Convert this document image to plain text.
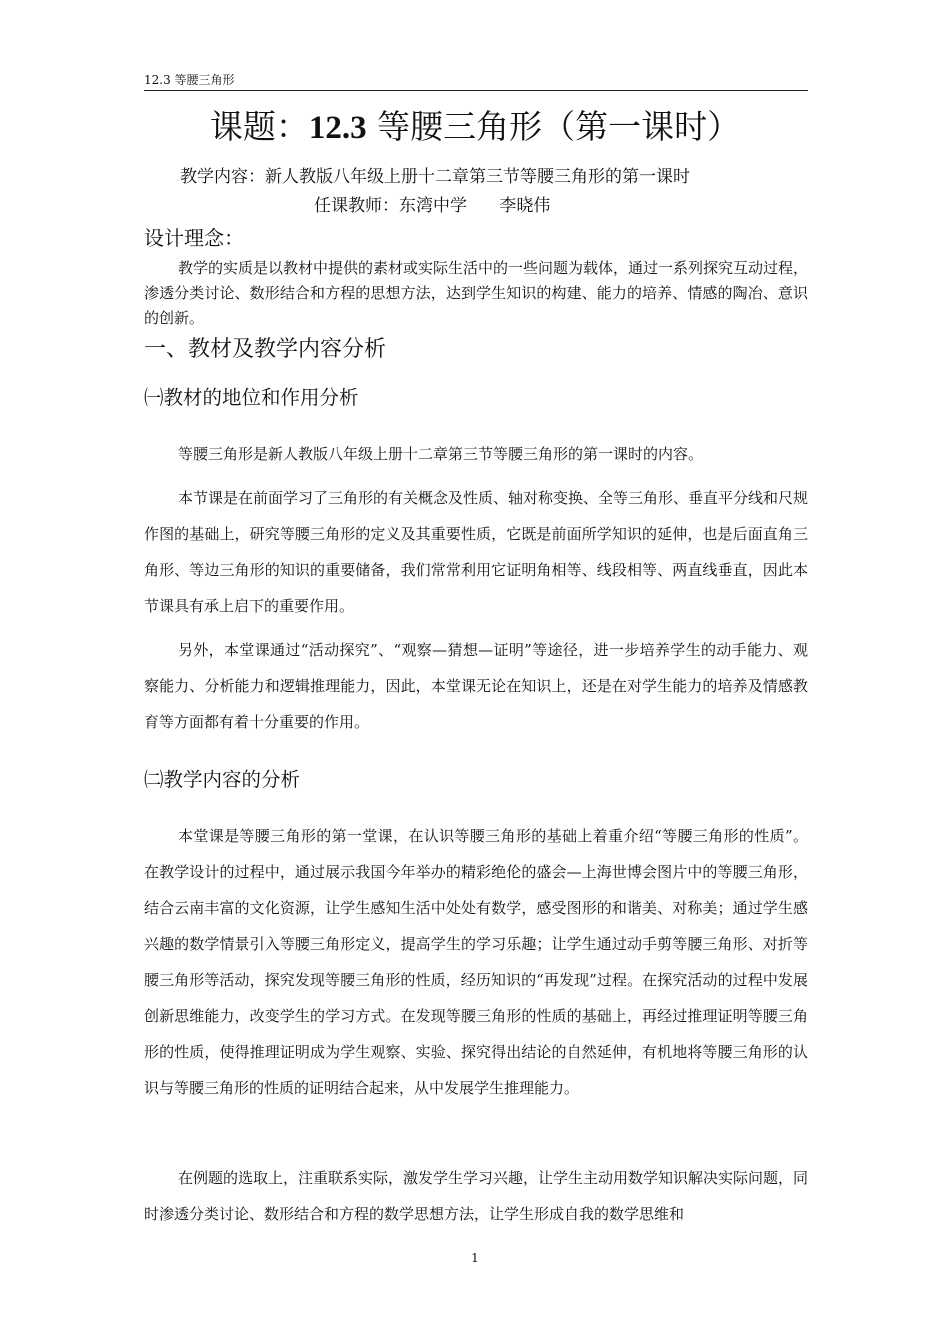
12.3 等腰三角形
课题：12.3 等腰三角形（第一课时）
教学内容：新人教版八年级上册十二章第三节等腰三角形的第一课时
任课教师：东湾中学      李晓伟
设计理念：
教学的实质是以教材中提供的素材或实际生活中的一些问题为载体，通过一系列探究互动过程，渗透分类讨论、数形结合和方程的思想方法，达到学生知识的构建、能力的培养、情感的陶冶、意识的创新。
一、教材及教学内容分析
㈠教材的地位和作用分析
等腰三角形是新人教版八年级上册十二章第三节等腰三角形的第一课时的内容。
本节课是在前面学习了三角形的有关概念及性质、轴对称变换、全等三角形、垂直平分线和尺规作图的基础上，研究等腰三角形的定义及其重要性质，它既是前面所学知识的延伸，也是后面直角三角形、等边三角形的知识的重要储备，我们常常利用它证明角相等、线段相等、两直线垂直，因此本节课具有承上启下的重要作用。
另外，本堂课通过“活动探究”、“观察—猜想—证明”等途径，进一步培养学生的动手能力、观察能力、分析能力和逻辑推理能力，因此，本堂课无论在知识上，还是在对学生能力的培养及情感教育等方面都有着十分重要的作用。
㈡教学内容的分析
本堂课是等腰三角形的第一堂课，在认识等腰三角形的基础上着重介绍“等腰三角形的性质”。在教学设计的过程中，通过展示我国今年举办的精彩绝伦的盛会—上海世博会图片中的等腰三角形，结合云南丰富的文化资源，让学生感知生活中处处有数学，感受图形的和谐美、对称美；通过学生感兴趣的数学情景引入等腰三角形定义，提高学生的学习乐趣；让学生通过动手剪等腰三角形、对折等腰三角形等活动，探究发现等腰三角形的性质，经历知识的“再发现”过程。在探究活动的过程中发展创新思维能力，改变学生的学习方式。在发现等腰三角形的性质的基础上，再经过推理证明等腰三角形的性质，使得推理证明成为学生观察、实验、探究得出结论的自然延伸，有机地将等腰三角形的认识与等腰三角形的性质的证明结合起来，从中发展学生推理能力。
在例题的选取上，注重联系实际，激发学生学习兴趣，让学生主动用数学知识解决实际问题，同时渗透分类讨论、数形结合和方程的数学思想方法，让学生形成自我的数学思维和
1
